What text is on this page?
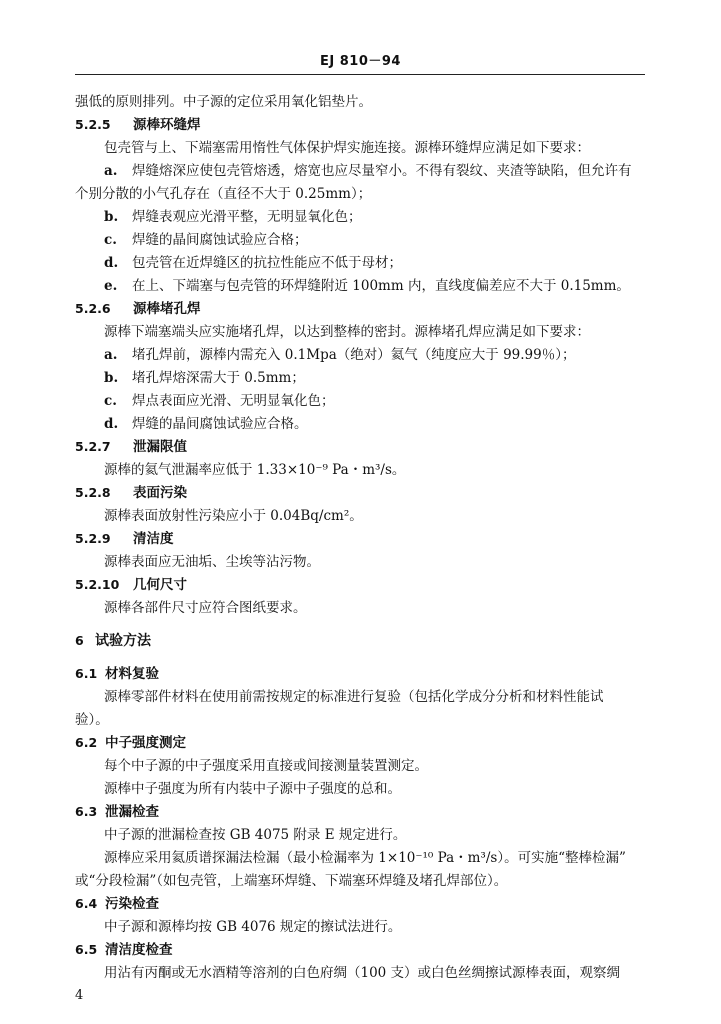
EJ 810－94
强低的原则排列。中子源的定位采用氧化铝垫片。
5.2.5 源棒环缝焊
包壳管与上、下端塞需用惰性气体保护焊实施连接。源棒环缝焊应满足如下要求：
a. 焊缝熔深应使包壳管熔透，熔宽也应尽量窄小。不得有裂纹、夹渣等缺陷，但允许有
个别分散的小气孔存在（直径不大于 0.25mm）；
b. 焊缝表观应光滑平整，无明显氧化色；
c. 焊缝的晶间腐蚀试验应合格；
d. 包壳管在近焊缝区的抗拉性能应不低于母材；
e. 在上、下端塞与包壳管的环焊缝附近 100mm 内，直线度偏差应不大于 0.15mm。
5.2.6 源棒堵孔焊
源棒下端塞端头应实施堵孔焊，以达到整棒的密封。源棒堵孔焊应满足如下要求：
a. 堵孔焊前，源棒内需充入 0.1Mpa（绝对）氦气（纯度应大于 99.99％）；
b. 堵孔焊熔深需大于 0.5mm；
c. 焊点表面应光滑、无明显氧化色；
d. 焊缝的晶间腐蚀试验应合格。
5.2.7 泄漏限值
源棒的氦气泄漏率应低于 1.33×10⁻⁹ Pa・m³/s。
5.2.8 表面污染
源棒表面放射性污染应小于 0.04Bq/cm²。
5.2.9 清洁度
源棒表面应无油垢、尘埃等沾污物。
5.2.10 几何尺寸
源棒各部件尺寸应符合图纸要求。
6 试验方法
6.1 材料复验
源棒零部件材料在使用前需按规定的标准进行复验（包括化学成分分析和材料性能试
验）。
6.2 中子强度测定
每个中子源的中子强度采用直接或间接测量装置测定。
源棒中子强度为所有内装中子源中子强度的总和。
6.3 泄漏检查
中子源的泄漏检查按 GB 4075 附录 E 规定进行。
源棒应采用氦质谱探漏法检漏（最小检漏率为 1×10⁻¹⁰ Pa・m³/s）。可实施“整棒检漏”
或“分段检漏”（如包壳管，上端塞环焊缝、下端塞环焊缝及堵孔焊部位）。
6.4 污染检查
中子源和源棒均按 GB 4076 规定的擦试法进行。
6.5 清洁度检查
用沾有丙酮或无水酒精等溶剂的白色府绸（100 支）或白色丝绸擦试源棒表面，观察绸
4
